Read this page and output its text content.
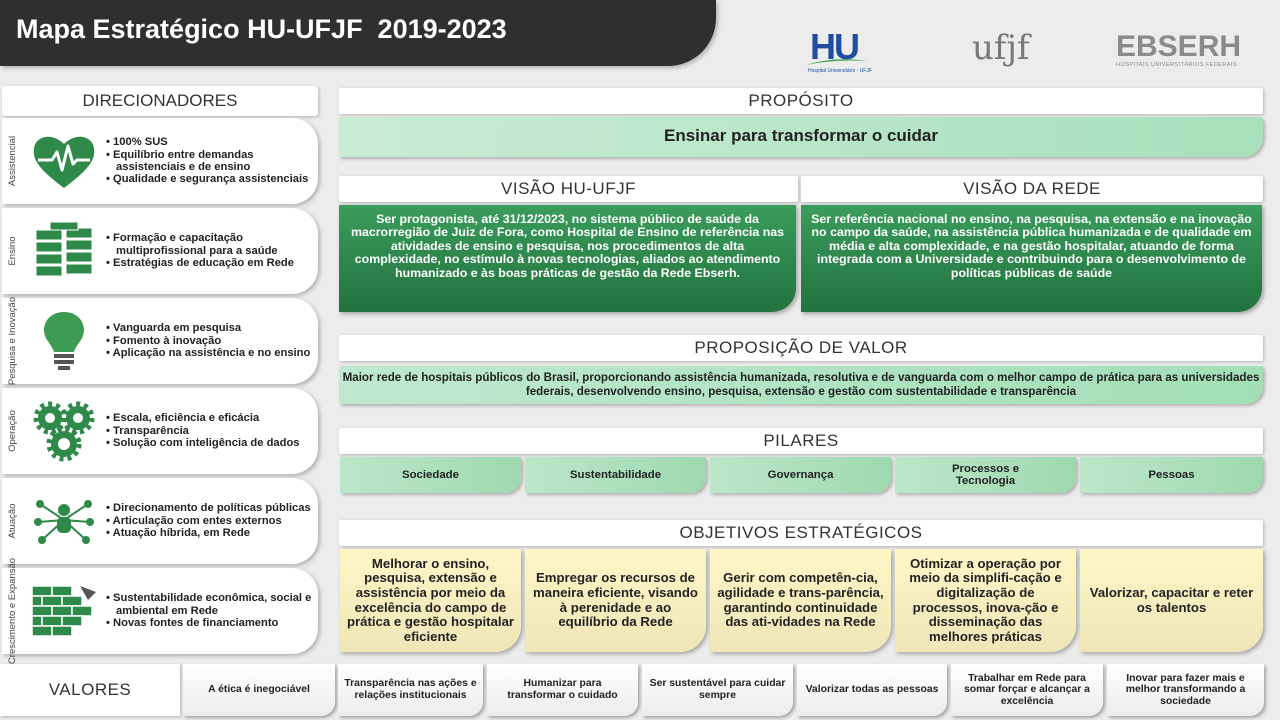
Mapa Estratégico HU-UFJF  2019-2023	HU
Hospital Universitário - UFJF
ufjf	EBSERH
HOSPITAIS UNIVERSITÁRIOS FEDERAIS
DIRECIONADORES
Assistencial	• 100% SUS
• Equilíbrio entre demandas assistenciais e de ensino
• Qualidade e segurança assistenciais
Ensino	• Formação e capacitação multiprofissional para a saúde
• Estratégias de educação em Rede
Pesquisa e Inovação	• Vanguarda em pesquisa
• Fomento à inovação
• Aplicação na assistência e no ensino
Operação	• Escala, eficiência e eficácia
• Transparência
• Solução com inteligência de dados
Atuação	• Direcionamento de políticas públicas
• Articulação com entes externos
• Atuação híbrida, em Rede
Crescimento e Expansão	• Sustentabilidade econômica, social e ambiental em Rede
• Novas fontes de financiamento
PROPÓSITO
Ensinar para transformar o cuidar
VISÃO HU-UFJF	VISÃO DA REDE
Ser protagonista, até 31/12/2023, no sistema público de saúde da macrorregião de Juiz de Fora, como Hospital de Ensino de referência nas atividades de ensino e pesquisa, nos procedimentos de alta complexidade, no estímulo à novas tecnologias, aliados ao atendimento humanizado e às boas práticas de gestão da Rede Ebserh.
Ser referência nacional no ensino, na pesquisa, na extensão e na inovação no campo da saúde, na assistência pública humanizada e de qualidade em média e alta complexidade, e na gestão hospitalar, atuando de forma integrada com a Universidade e contribuindo para o desenvolvimento de políticas públicas de saúde
PROPOSIÇÃO DE VALOR
Maior rede de hospitais públicos do Brasil, proporcionando assistência humanizada, resolutiva e de vanguarda com o melhor campo de prática para as universidades federais, desenvolvendo ensino, pesquisa, extensão e gestão com sustentabilidade e transparência
PILARES
Sociedade	Sustentabilidade	Governança
Processos e Tecnologia
Pessoas
OBJETIVOS ESTRATÉGICOS
Melhorar o ensino, pesquisa, extensão e assistência por meio da excelência do campo de prática e gestão hospitalar eficiente
Empregar os recursos de maneira eficiente, visando à perenidade e ao equilíbrio da Rede
Gerir com competên-cia, agilidade e trans-parência, garantindo continuidade das ati-vidades na Rede
Otimizar a operação por meio da simplifi-cação e digitalização de processos, inova-ção e disseminação das melhores práticas
Valorizar, capacitar e reter os talentos
VALORES	A ética é inegociável
Transparência nas ações e relações institucionais
Humanizar para transformar o cuidado
Ser sustentável para cuidar sempre
Valorizar todas as pessoas
Trabalhar em Rede para somar forçar e alcançar a excelência
Inovar para fazer mais e melhor transformando a sociedade
